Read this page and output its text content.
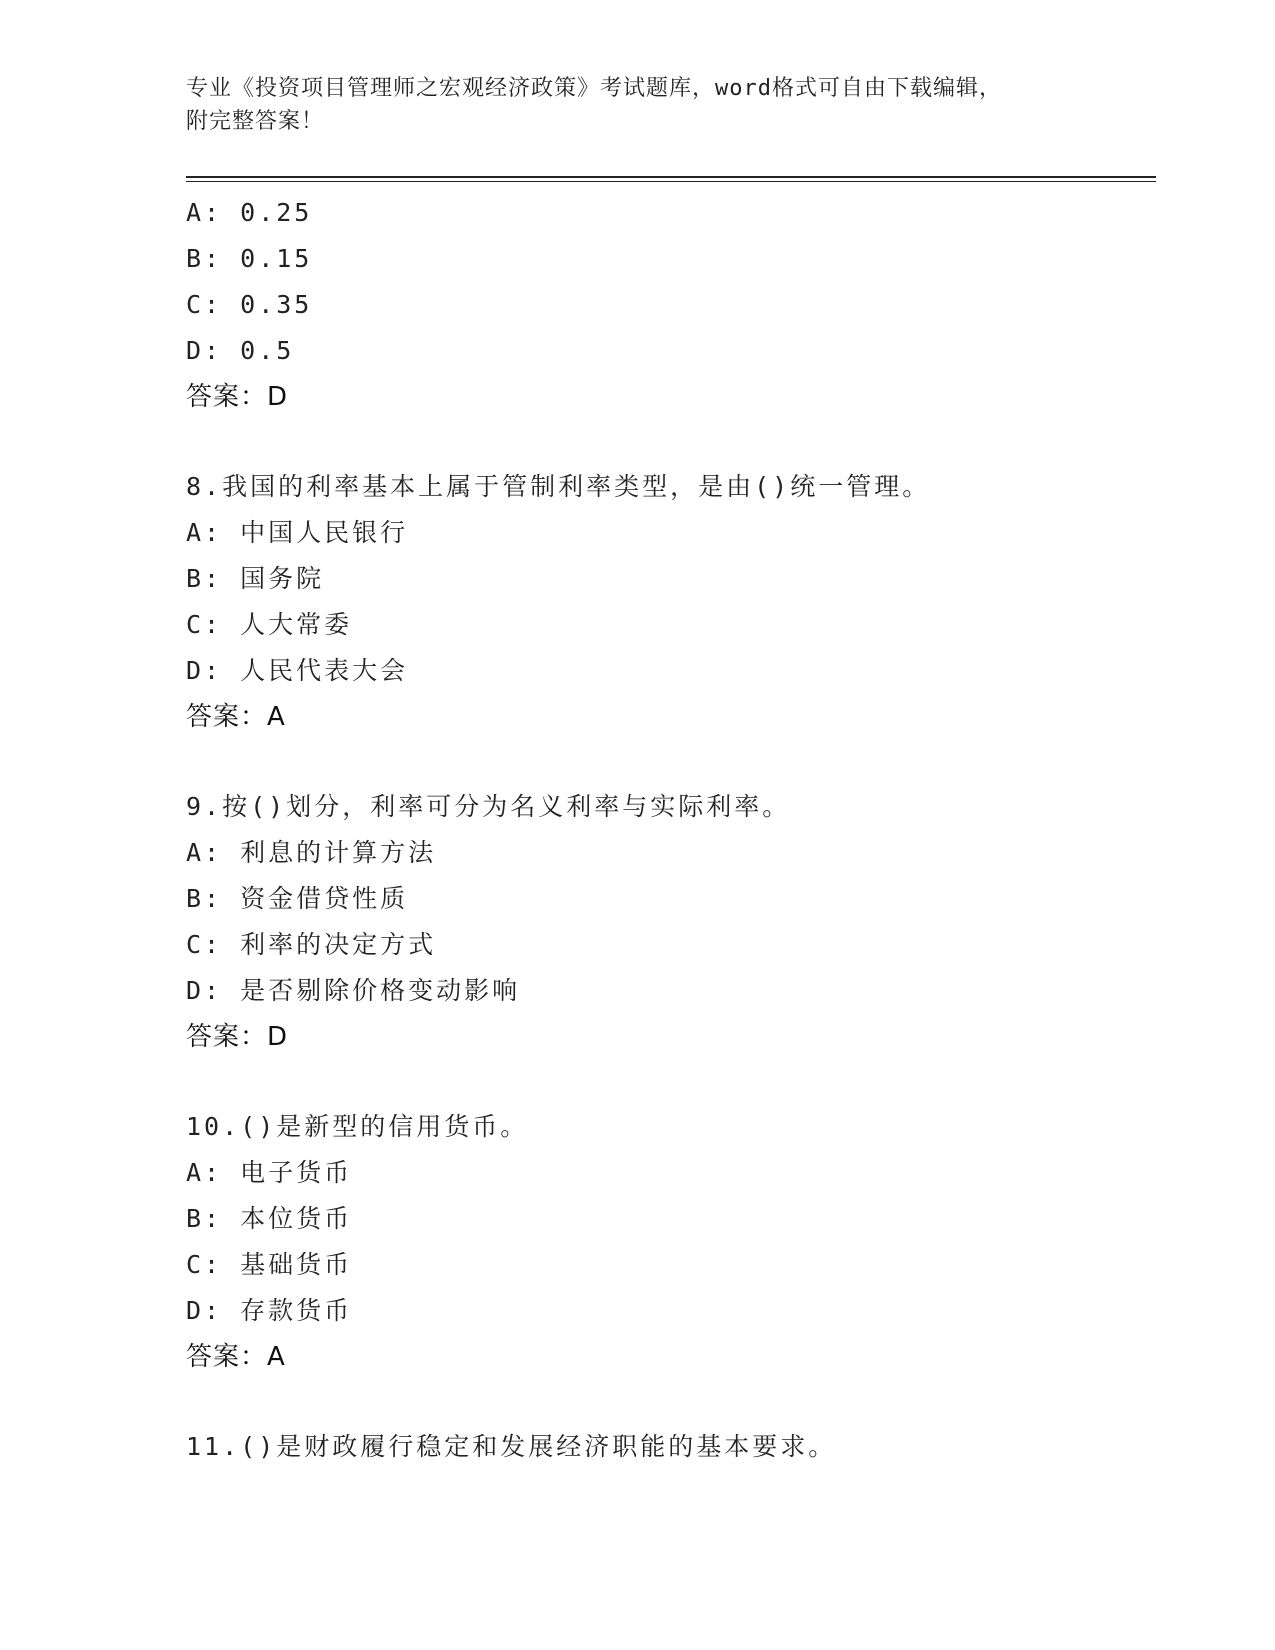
专业《投资项目管理师之宏观经济政策》考试题库，word格式可自由下载编辑，
附完整答案！
A: 0.25
B: 0.15
C: 0.35
D: 0.5
答案：D
8.我国的利率基本上属于管制利率类型，是由()统一管理。
A: 中国人民银行
B: 国务院
C: 人大常委
D: 人民代表大会
答案：A
9.按()划分，利率可分为名义利率与实际利率。
A: 利息的计算方法
B: 资金借贷性质
C: 利率的决定方式
D: 是否剔除价格变动影响
答案：D
10.()是新型的信用货币。
A: 电子货币
B: 本位货币
C: 基础货币
D: 存款货币
答案：A
11.()是财政履行稳定和发展经济职能的基本要求。
